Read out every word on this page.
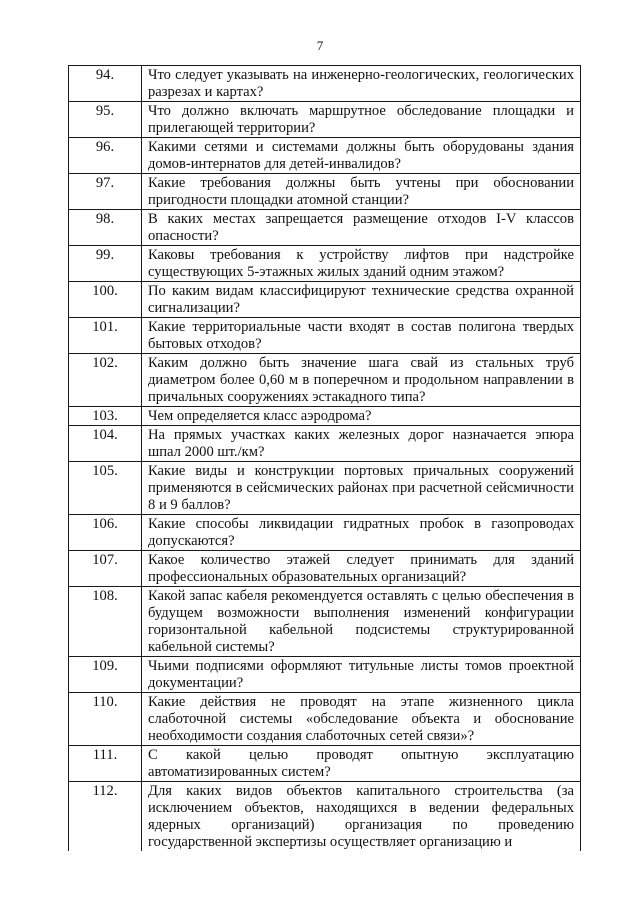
7
94.	Что следует указывать на инженерно-геологических, геологических разрезах и картах?
95.	Что должно включать маршрутное обследование площадки и прилегающей территории?
96.	Какими сетями и системами должны быть оборудованы здания домов-интернатов для детей-инвалидов?
97.	Какие требования должны быть учтены при обосновании пригодности площадки атомной станции?
98.	В каких местах запрещается размещение отходов I-V классов опасности?
99.	Каковы требования к устройству лифтов при надстройке существующих 5-этажных жилых зданий одним этажом?
100.	По каким видам классифицируют технические средства охранной сигнализации?
101.	Какие территориальные части входят в состав полигона твердых бытовых отходов?
102.	Каким должно быть значение шага свай из стальных труб диаметром более 0,60 м в поперечном и продольном направлении в причальных сооружениях эстакадного типа?
103.	Чем определяется класс аэродрома?
104.	На прямых участках каких железных дорог назначается эпюра шпал 2000 шт./км?
105.	Какие виды и конструкции портовых причальных сооружений применяются в сейсмических районах при расчетной сейсмичности 8 и 9 баллов?
106.	Какие способы ликвидации гидратных пробок в газопроводах допускаются?
107.	Какое количество этажей следует принимать для зданий профессиональных образовательных организаций?
108.	Какой запас кабеля рекомендуется оставлять с целью обеспечения в будущем возможности выполнения изменений конфигурации горизонтальной кабельной подсистемы структурированной кабельной системы?
109.	Чьими подписями оформляют титульные листы томов проектной документации?
110.	Какие действия не проводят на этапе жизненного цикла слаботочной системы «обследование объекта и обоснование необходимости создания слаботочных сетей связи»?
111.	С какой целью проводят опытную эксплуатацию автоматизированных систем?
112.	Для каких видов объектов капитального строительства (за исключением объектов, находящихся в ведении федеральных ядерных организаций) организация по проведению государственной экспертизы осуществляет организацию и
